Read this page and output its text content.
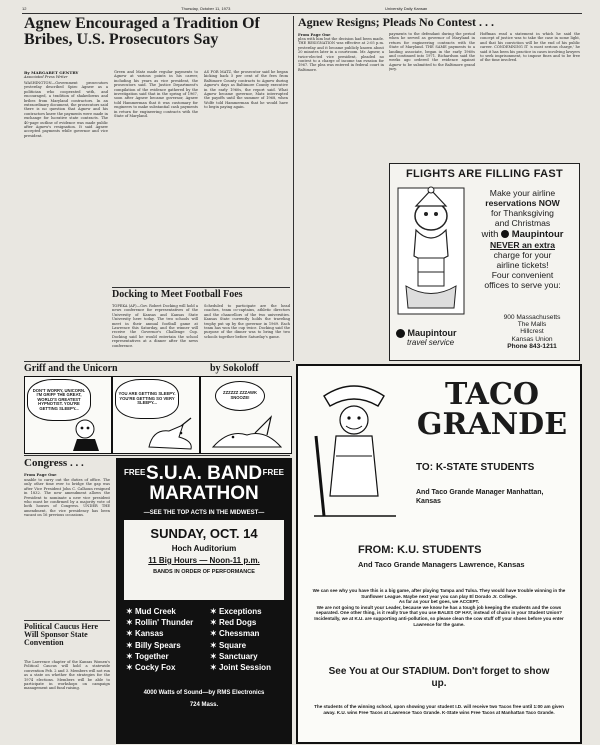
12	Thursday, October 11, 1973	University Daily Kansan
Agnew Encouraged a Tradition Of Bribes, U.S. Prosecutors Say
By MARGARET GENTRY
Associated Press Writer
WASHINGTON—Government prosecutors yesterday described Spiro Agnew as a politician who cooperated with, and encouraged, a tradition of shakedowns and bribes from Maryland contractors. In an extraordinary document, the prosecutors said there is no question that Agnew and his contractors knew the payments were made in exchange for lucrative state contracts. The 40-page outline of evidence was made public after Agnew's resignation. It said Agnew accepted payments while governor and vice president.
Green and Matz made regular payments to Agnew at various points in his career, including his years as vice president, the prosecutors said. The Justice Department's compilation of the evidence gathered by the investigation said that in the spring of 1967, soon after Agnew became governor, Agnew told Hammerman that it was customary for engineers to make substantial cash payments in return for engineering contracts with the State of Maryland.
AS FOR MATZ, the prosecutor said he began kicking back 5 per cent of the fees from Baltimore County contracts to Agnew during Agnew's days as Baltimore County executive in the early 1960s, the report said. What Agnew became governor, Matz interrupted the payoffs until the summer of 1968, when Wolfe told Hammerman that he would have to begin paying again.
Docking to Meet Football Foes
TOPEKA (AP)—Gov. Robert Docking will hold a news conference for representatives of the University of Kansas and Kansas State University here today. The two schools will meet in their annual football game at Lawrence this Saturday, and the winner will receive the Governor's Challenge Cup. Docking said he would entertain the school representatives at a dinner after the news conference.
Scheduled to participate are the head coaches, team co-captains, athletic directors and the chancellors of the two universities. Kansas State currently holds the traveling trophy put up by the governor in 1969. Each team has won the cup twice. Docking said the purpose of the dinner was to bring the two schools together before Saturday's game.
Agnew Resigns; Pleads No Contest . . .
From Page One
plea with him but the decision had been made. THE RESIGNATION was effective at 2:05 p.m. yesterday and it became publicly known about 20 minutes later in a courtroom. Mr. Agnew, a twice-elected vice president, pleaded no contest to a charge of income tax evasion for 1967. The plea was entered in federal court in Baltimore.
payments to the defendant during the period when he served as governor of Maryland in return for engineering contracts with the State of Maryland. THE SAME payments to a landing associate, began in the early 1960s and continued into 1971. Richardson said the weeks ago ordered the evidence against Agnew to be submitted to the Baltimore grand jury.
Hoffman read a statement in which he said the concept of justice was to take the case in some light, and that his conviction will be the end of his public career. CONDEMNING IT 'a most serious charge,' he said it has been his practice in cases involving lawyers to seek imprisonment, to impose fines and to be free of the time involved.
FLIGHTS ARE FILLING FAST
Make your airline
reservations NOW
for Thanksgiving
and Christmas
with Maupintour
NEVER an extra
charge for your
airline tickets!
Four convenient
offices to serve you:
900 Massachusetts
The Malls
Hillcrest
Kansas Union
Phone 843-1211
Maupintour
travel service
Griff and the Unicorn	by Sokoloff
DON'T WORRY, UNICORN. I'M GRIFF THE GREAT, WORLD'S GREATEST HYPNOTIST. YOU'RE GETTING SLEEPY...
YOU ARE GETTING SLEEPY. YOU'RE GETTING SO VERY SLEEPY...
ZZZZZZ ZZZAWK SNOOZE!
Congress . . .
From Page One
unable to carry out the duties of office. The only other time ever to bridge the gap was after Vice President John C. Calhoun resigned in 1832. The new amendment allows the President to nominate a new vice president who must be confirmed by a majority vote of both houses of Congress. UNDER THE amendment, the vice presidency has been vacant on 16 previous occasions.
Political Caucus Here Will Sponsor State Convention
The Lawrence chapter of the Kansas Women's Political Caucus will hold a statewide convention Feb. 2 and 3. Members will not run as a state on whether the strategies for the 1974 elections. Members will be able to participate in workshops on campaign management and fund raising.
FREE	FREE
S.U.A. BAND MARATHON
—SEE THE TOP ACTS IN THE MIDWEST—
SUNDAY, OCT. 14
Hoch Auditorium
11 Big Hours — Noon-11 p.m.
BANDS IN ORDER OF PERFORMANCE
✶ Mud Creek
✶ Rollin' Thunder
✶ Kansas
✶ Billy Spears
✶ Together
✶ Cocky Fox
✶ Exceptions
✶ Red Dogs
✶ Chessman
✶ Square
✶ Sanctuary
✶ Joint Session
4000 Watts of Sound—by RMS Electronics
724 Mass.
TACO
GRANDE
TO: K-STATE STUDENTS
And Taco Grande Manager Manhattan, Kansas
FROM: K.U. STUDENTS
And Taco Grande Managers Lawrence, Kansas
We can see why you have this is a big game, after playing Tampa and Tulsa. They would have trouble winning in the Sunflower League. Maybe next year you can play El Dorado Jr. College.
As far as your bet goes, we ACCEPT.
We are not going to insult your Leader, because we know he has a tough job keeping the students and the cows separated. One other thing, is it really true that you use BALES OF HAY, instead of chairs in your Student Union?
Incidentally, we at K.U. are supporting anti-pollution, so please clean the cow stuff off your shoes before you enter Lawrence for the game.
See You at Our STADIUM. Don't forget to show up.
The students of the winning school, upon showing your student I.D. will receive two Tacos free until 1:00 am given away. K.U. wins Free Tacos at Lawrence Taco Grande. K-State wins Free Tacos at Manhattan Taco Grande.
